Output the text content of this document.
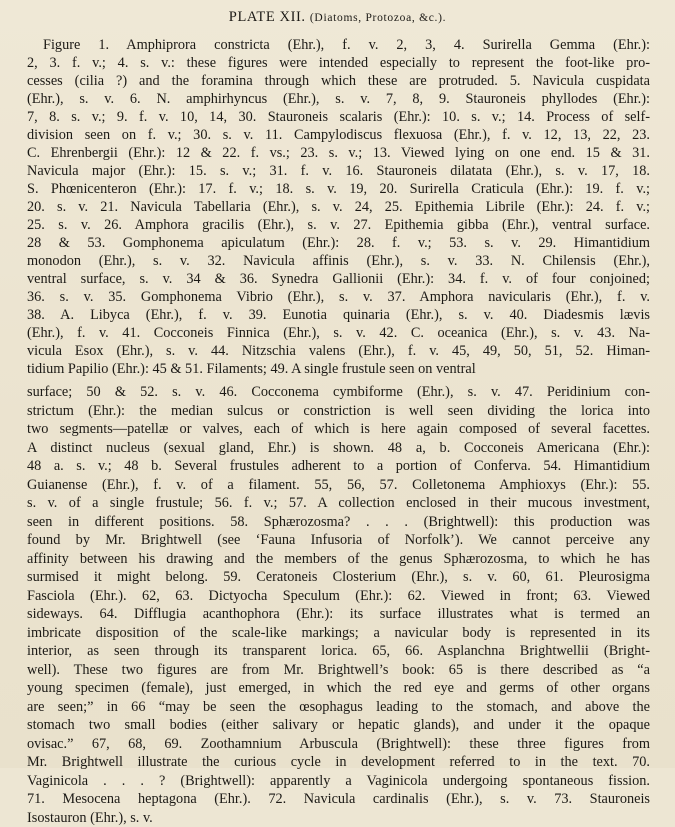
PLATE XII. (Diatoms, Protozoa, &c.).
Figure 1. Amphiprora constricta (Ehr.), f. v. 2, 3, 4. Surirella Gemma (Ehr.):
2, 3. f. v.; 4. s. v.: these figures were intended especially to represent the foot-like pro-
cesses (cilia ?) and the foramina through which these are protruded. 5. Navicula cuspidata
(Ehr.), s. v. 6. N. amphirhyncus (Ehr.), s. v. 7, 8, 9. Stauroneis phyllodes (Ehr.):
7, 8. s. v.; 9. f. v. 10, 14, 30. Stauroneis scalaris (Ehr.): 10. s. v.; 14. Process of self-
division seen on f. v.; 30. s. v. 11. Campylodiscus flexuosa (Ehr.), f. v. 12, 13, 22, 23.
C. Ehrenbergii (Ehr.): 12 & 22. f. vs.; 23. s. v.; 13. Viewed lying on one end. 15 & 31.
Navicula major (Ehr.): 15. s. v.; 31. f. v. 16. Stauroneis dilatata (Ehr.), s. v. 17, 18.
S. Phœnicenteron (Ehr.): 17. f. v.; 18. s. v. 19, 20. Surirella Craticula (Ehr.): 19. f. v.;
20. s. v. 21. Navicula Tabellaria (Ehr.), s. v. 24, 25. Epithemia Librile (Ehr.): 24. f. v.;
25. s. v. 26. Amphora gracilis (Ehr.), s. v. 27. Epithemia gibba (Ehr.), ventral surface.
28 & 53. Gomphonema apiculatum (Ehr.): 28. f. v.; 53. s. v. 29. Himantidium
monodon (Ehr.), s. v. 32. Navicula affinis (Ehr.), s. v. 33. N. Chilensis (Ehr.),
ventral surface, s. v. 34 & 36. Synedra Gallionii (Ehr.): 34. f. v. of four conjoined;
36. s. v. 35. Gomphonema Vibrio (Ehr.), s. v. 37. Amphora navicularis (Ehr.), f. v.
38. A. Libyca (Ehr.), f. v. 39. Eunotia quinaria (Ehr.), s. v. 40. Diadesmis lævis
(Ehr.), f. v. 41. Cocconeis Finnica (Ehr.), s. v. 42. C. oceanica (Ehr.), s. v. 43. Na-
vicula Esox (Ehr.), s. v. 44. Nitzschia valens (Ehr.), f. v. 45, 49, 50, 51, 52. Himan-
tidium Papilio (Ehr.): 45 & 51. Filaments; 49. A single frustule seen on ventral
surface; 50 & 52. s. v. 46. Cocconema cymbiforme (Ehr.), s. v. 47. Peridinium con-
strictum (Ehr.): the median sulcus or constriction is well seen dividing the lorica into
two segments—patellæ or valves, each of which is here again composed of several facettes.
A distinct nucleus (sexual gland, Ehr.) is shown. 48 a, b. Cocconeis Americana (Ehr.):
48 a. s. v.; 48 b. Several frustules adherent to a portion of Conferva. 54. Himantidium
Guianense (Ehr.), f. v. of a filament. 55, 56, 57. Colletonema Amphioxys (Ehr.): 55.
s. v. of a single frustule; 56. f. v.; 57. A collection enclosed in their mucous investment,
seen in different positions. 58. Sphærozosma? . . . (Brightwell): this production was
found by Mr. Brightwell (see ‘Fauna Infusoria of Norfolk’). We cannot perceive any
affinity between his drawing and the members of the genus Sphærozosma, to which he has
surmised it might belong. 59. Ceratoneis Closterium (Ehr.), s. v. 60, 61. Pleurosigma
Fasciola (Ehr.). 62, 63. Dictyocha Speculum (Ehr.): 62. Viewed in front; 63. Viewed
sideways. 64. Difflugia acanthophora (Ehr.): its surface illustrates what is termed an
imbricate disposition of the scale-like markings; a navicular body is represented in its
interior, as seen through its transparent lorica. 65, 66. Asplanchna Brightwellii (Bright-
well). These two figures are from Mr. Brightwell’s book: 65 is there described as “a
young specimen (female), just emerged, in which the red eye and germs of other organs
are seen;” in 66 “may be seen the œsophagus leading to the stomach, and above the
stomach two small bodies (either salivary or hepatic glands), and under it the opaque
ovisac.” 67, 68, 69. Zoothamnium Arbuscula (Brightwell): these three figures from
Mr. Brightwell illustrate the curious cycle in development referred to in the text. 70.
Vaginicola . . . ? (Brightwell): apparently a Vaginicola undergoing spontaneous fission.
71. Mesocena heptagona (Ehr.). 72. Navicula cardinalis (Ehr.), s. v. 73. Stauroneis
Isostauron (Ehr.), s. v.
